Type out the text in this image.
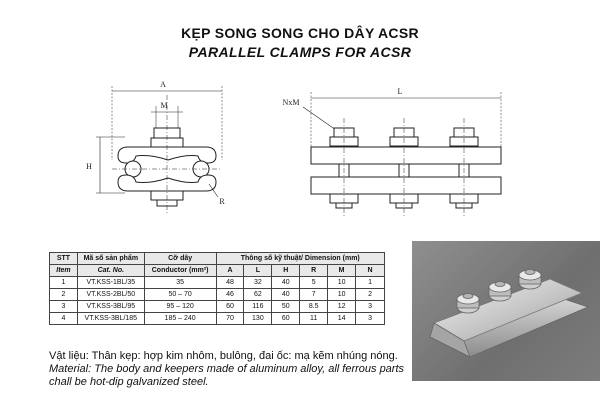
KẸP SONG SONG CHO DÂY ACSR
PARALLEL CLAMPS FOR ACSR
A
M
H
R
NxM
L
STT	Mã số sản phẩm	Cỡ dây	Thông số kỹ thuật/ Dimension (mm)					
Item	Cat. No.	Conductor (mm²)	A	L	H	R	M	N
1	VT.KSS-1BL/35	35	48	32	40	5	10	1
2	VT.KSS-2BL/50	50 – 70	46	62	40	7	10	2
3	VT.KSS-3BL/95	95 – 120	60	116	50	8.5	12	3
4	VT.KSS-3BL/185	185 – 240	70	130	60	11	14	3
Vật liệu: Thân kẹp: hợp kim nhôm, bulông, đai ốc: mạ kẽm nhúng nóng.
Material: The body and keepers made of aluminum alloy, all ferrous parts
chall be hot-dip galvanized steel.
